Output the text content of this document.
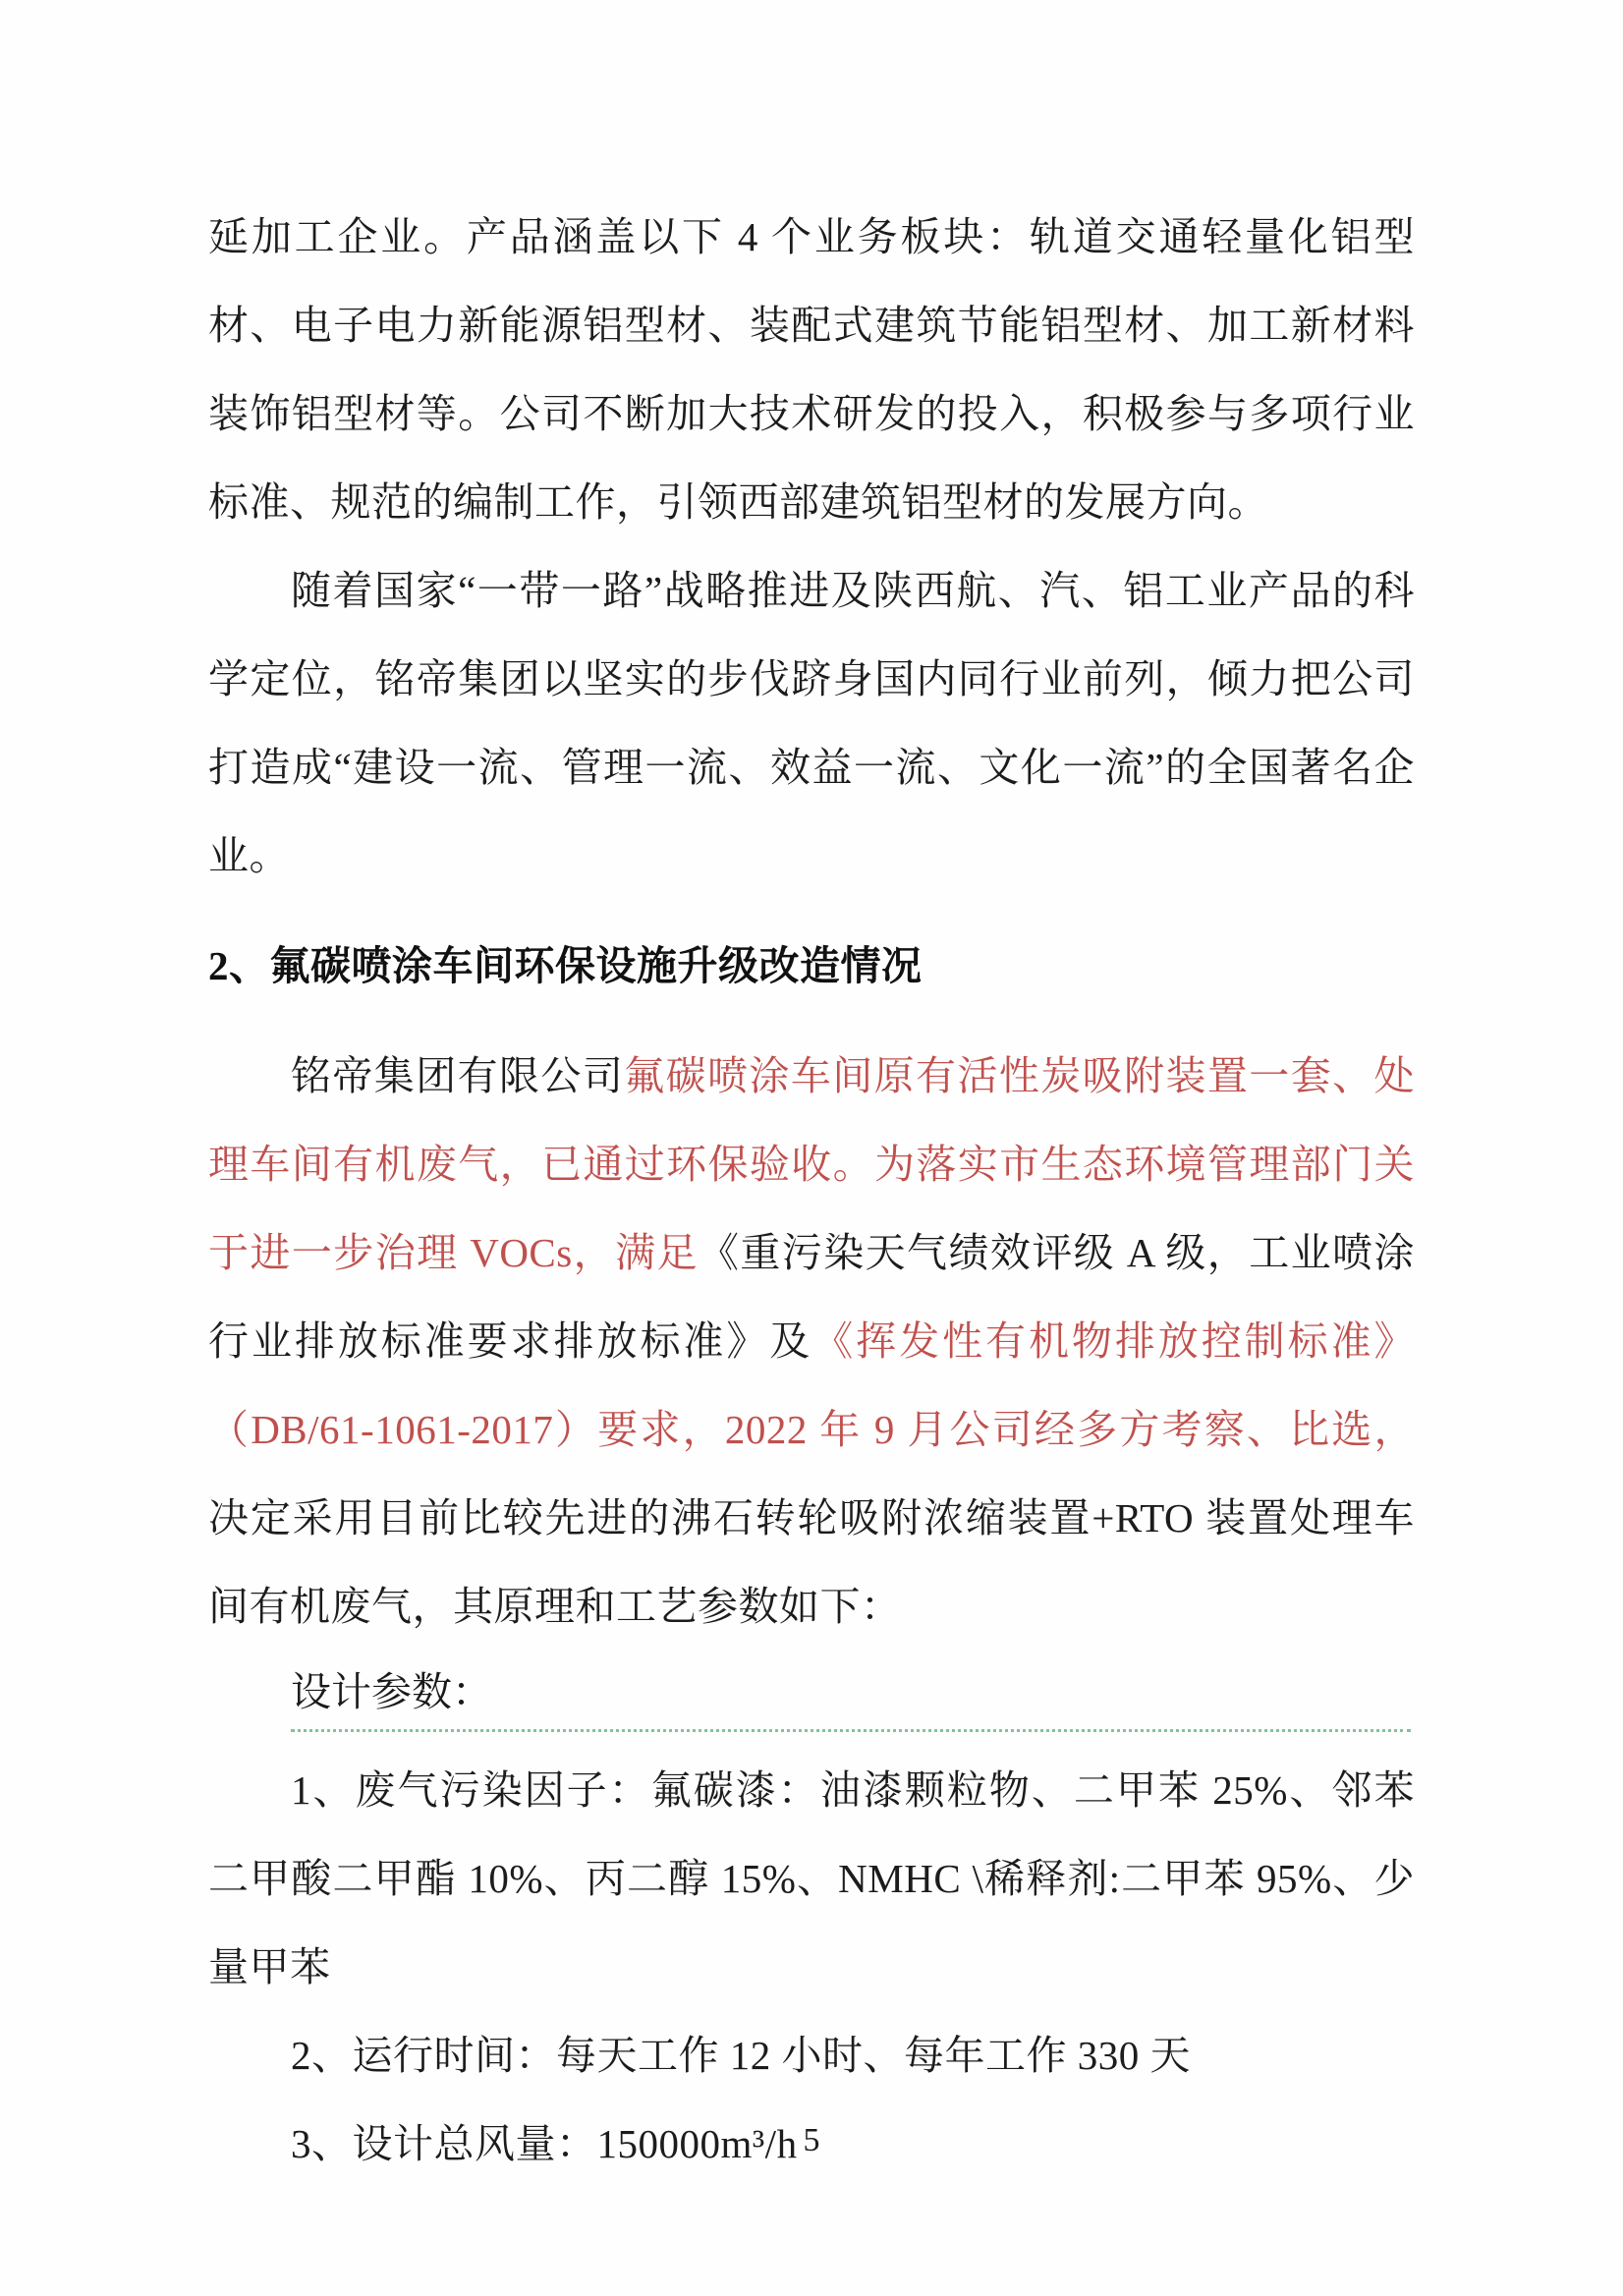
延加工企业。产品涵盖以下 4 个业务板块：轨道交通轻量化铝型材、电子电力新能源铝型材、装配式建筑节能铝型材、加工新材料装饰铝型材等。公司不断加大技术研发的投入，积极参与多项行业标准、规范的编制工作，引领西部建筑铝型材的发展方向。

随着国家“一带一路”战略推进及陕西航、汽、铝工业产品的科学定位，铭帝集团以坚实的步伐跻身国内同行业前列，倾力把公司打造成“建设一流、管理一流、效益一流、文化一流”的全国著名企业。

2、氟碳喷涂车间环保设施升级改造情况

铭帝集团有限公司氟碳喷涂车间原有活性炭吸附装置一套、处理车间有机废气，已通过环保验收。为落实市生态环境管理部门关于进一步治理 VOCs，满足《重污染天气绩效评级 A 级，工业喷涂行业排放标准要求排放标准》及《挥发性有机物排放控制标准》（DB/61-1061-2017）要求，2022 年 9 月公司经多方考察、比选，决定采用目前比较先进的沸石转轮吸附浓缩装置+RTO 装置处理车间有机废气，其原理和工艺参数如下：

设计参数：

1、废气污染因子：氟碳漆：油漆颗粒物、二甲苯 25%、邻苯二甲酸二甲酯 10%、丙二醇 15%、NMHC \稀释剂:二甲苯 95%、少量甲苯

2、运行时间：每天工作 12 小时、每年工作 330 天

3、设计总风量：150000m³/h 5
